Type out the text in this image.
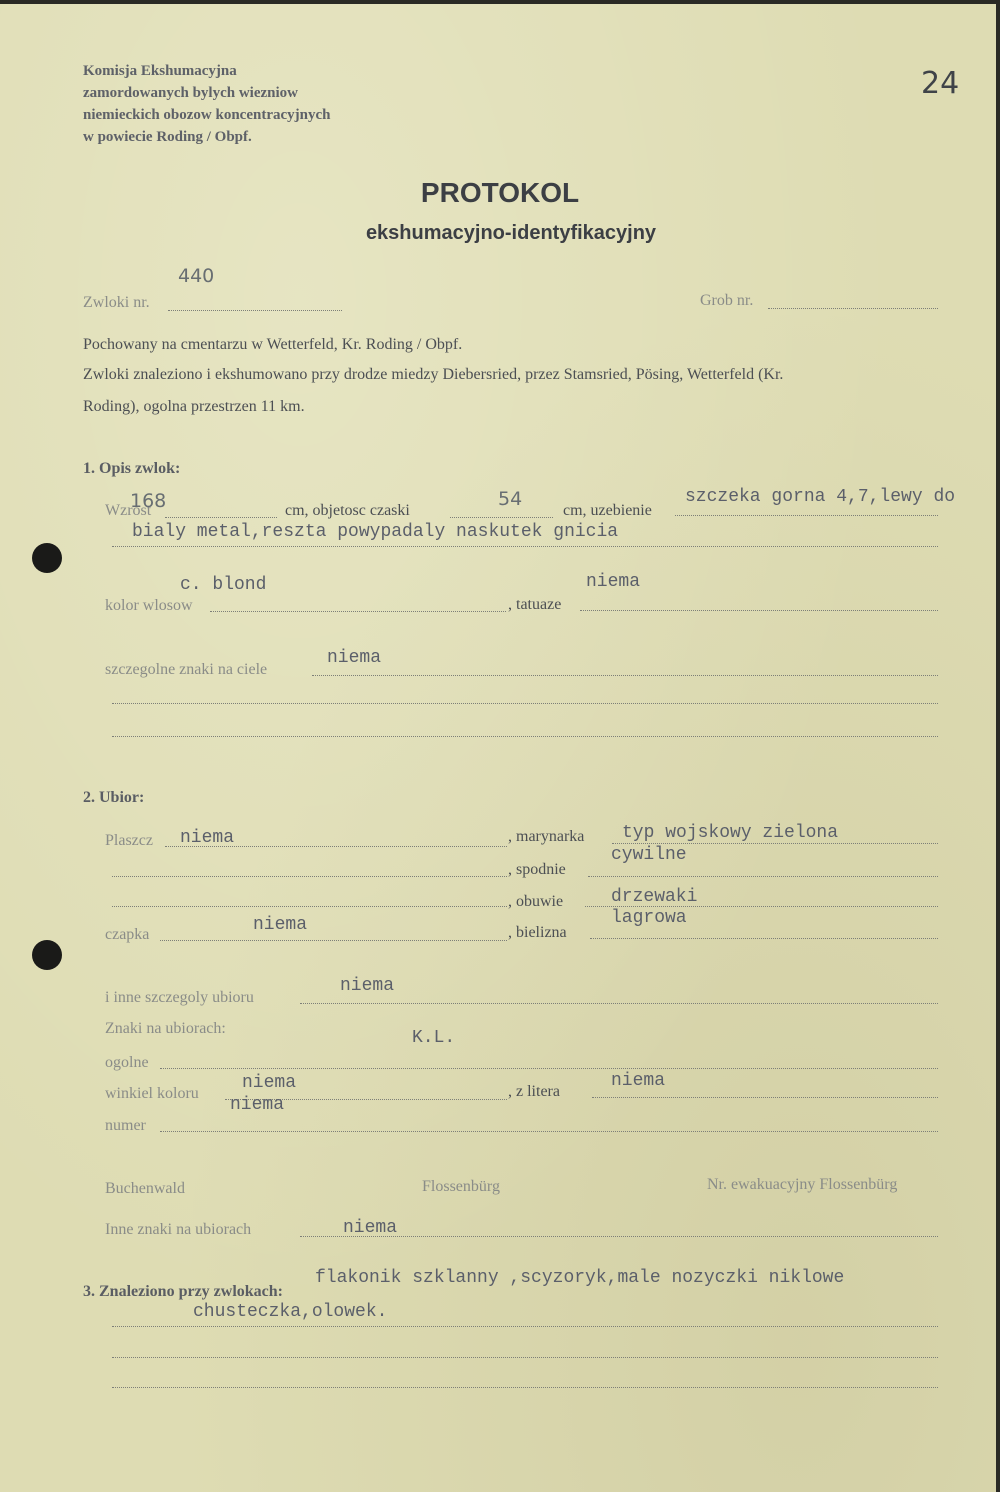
Komisja Ekshumacyjna
zamordowanych bylych wiezniow
niemieckich obozow koncentracyjnych
w powiecie Roding / Obpf.
24
PROTOKOL
ekshumacyjno-identyfikacyjny
Zwloki nr.
440
Grob nr.
Pochowany na cmentarzu w Wetterfeld, Kr. Roding / Obpf.
Zwloki znaleziono i ekshumowano przy drodze miedzy Diebersried, przez Stamsried, Pösing, Wetterfeld (Kr.
Roding), ogolna przestrzen 11 km.
1. Opis zwlok:
Wzrost
168	cm, objetosc czaski
54
cm, uzebienie
szczeka gorna 4,7,lewy do
bialy metal,reszta powypadaly naskutek gnicia
kolor wlosow
c. blond
, tatuaze
niema
szczegolne znaki na ciele
niema
2. Ubior:
Plaszcz niema	, marynarka typ wojskowy zielona
, spodnie
cywilne
, obuwie	drzewaki
czapka	niema	, bielizna
lagrowa
i inne szczegoly ubioru
niema
Znaki na ubiorach:	K.L.
ogolne
winkiel koloru
niema	, z litera
niema
numer
niema
Buchenwald	Flossenbürg	Nr. ewakuacyjny Flossenbürg
Inne znaki na ubiorach	niema
3. Znaleziono przy zwlokach:
flakonik szklanny ,scyzoryk,male nozyczki niklowe
chusteczka,olowek.
